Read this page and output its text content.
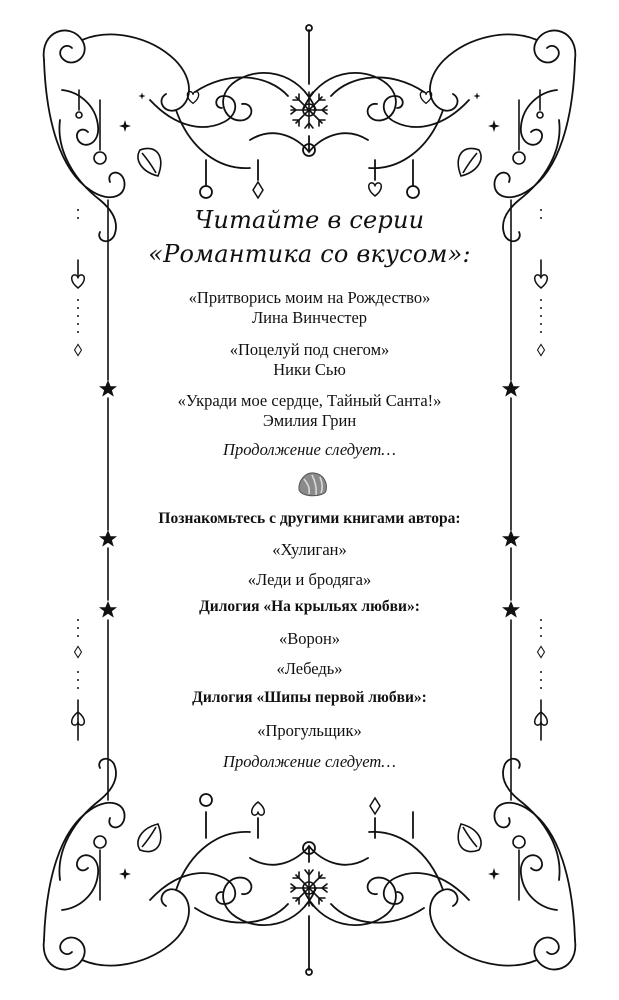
Читайте в серии
«Романтика со вкусом»:
«Притворись моим на Рождество»
Лина Винчестер
«Поцелуй под снегом»
Ники Сью
«Укради мое сердце, Тайный Санта!»
Эмилия Грин
Продолжение следует…
Познакомьтесь с другими книгами автора:
«Хулиган»
«Леди и бродяга»
Дилогия «На крыльях любви»:
«Ворон»
«Лебедь»
Дилогия «Шипы первой любви»:
«Прогульщик»
Продолжение следует…
